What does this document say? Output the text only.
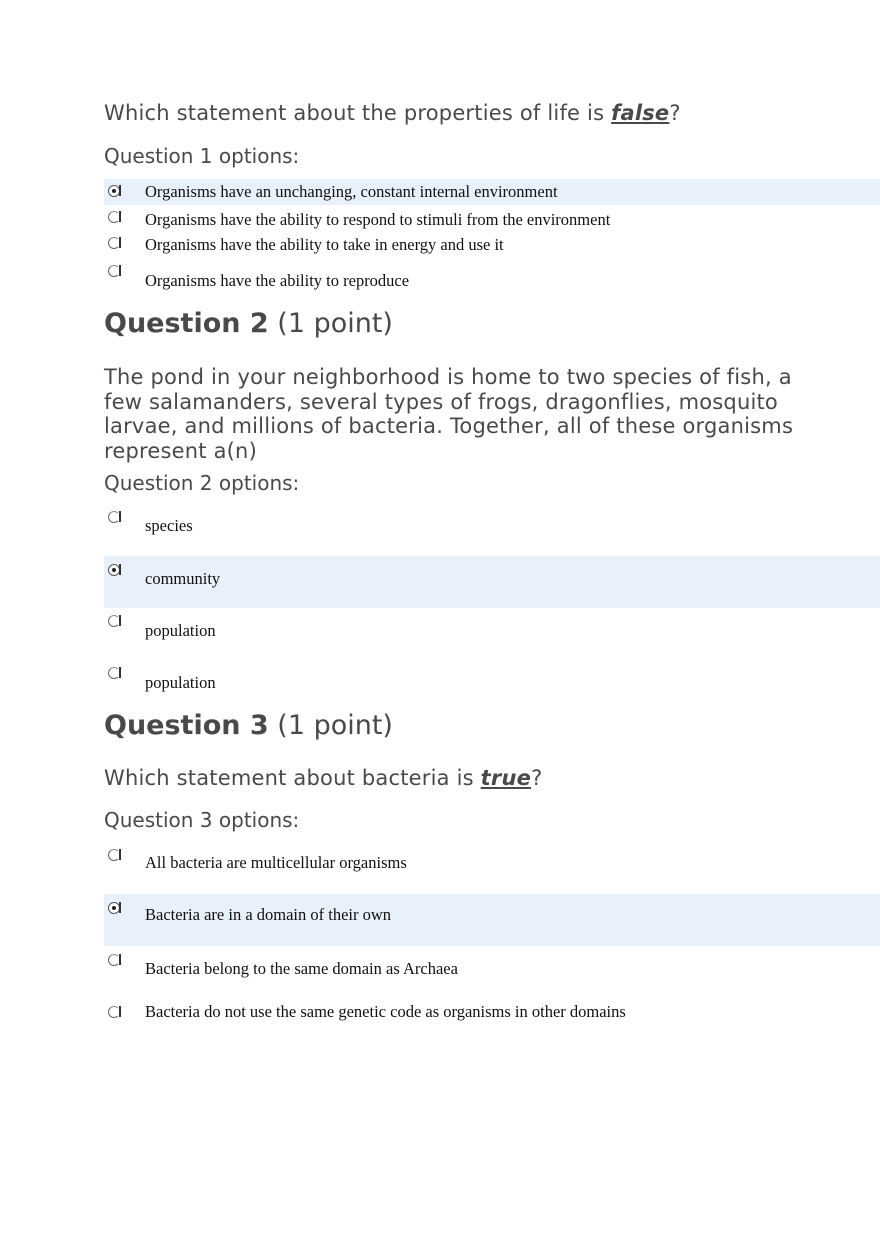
Which statement about the properties of life is false?
Question 1 options:
Organisms have an unchanging, constant internal environment
Organisms have the ability to respond to stimuli from the environment
Organisms have the ability to take in energy and use it
Organisms have the ability to reproduce
Question 2 (1 point)
The pond in your neighborhood is home to two species of fish, a few salamanders, several types of frogs, dragonflies, mosquito larvae, and millions of bacteria. Together, all of these organisms represent a(n)
Question 2 options:
species
community
population
population
Question 3 (1 point)
Which statement about bacteria is true?
Question 3 options:
All bacteria are multicellular organisms
Bacteria are in a domain of their own
Bacteria belong to the same domain as Archaea
Bacteria do not use the same genetic code as organisms in other domains
